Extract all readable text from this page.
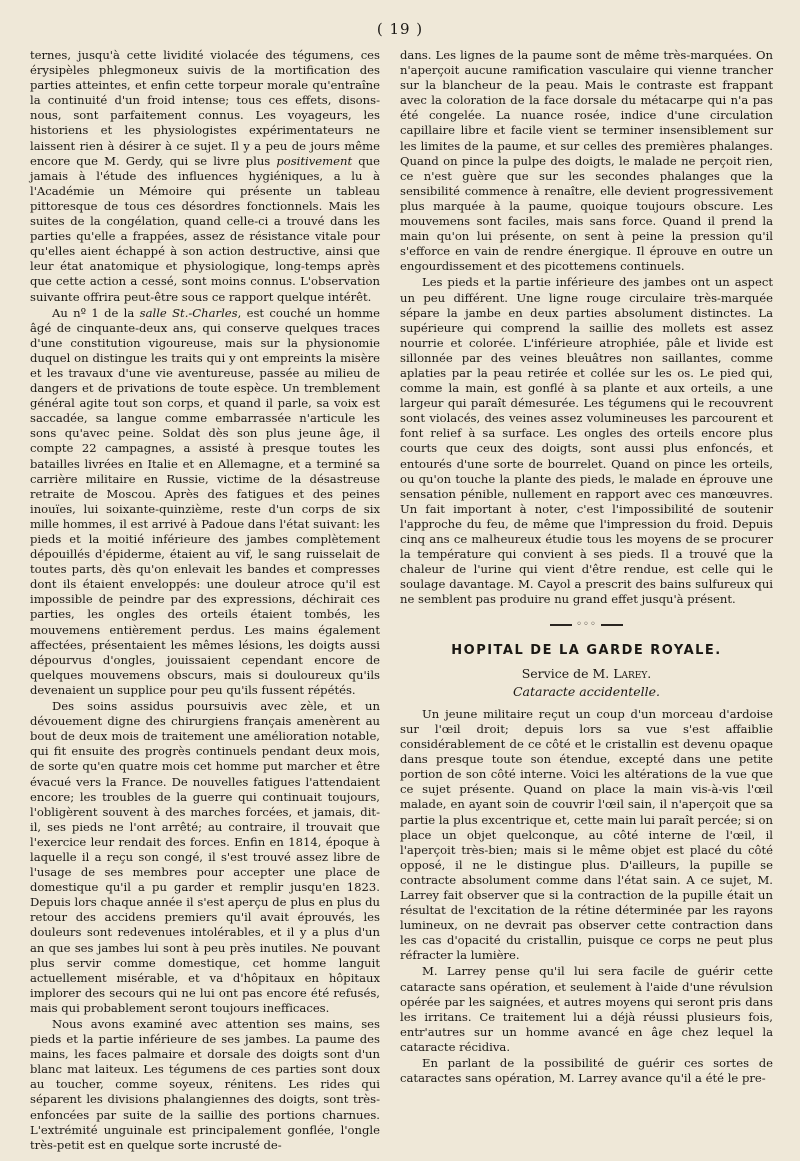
( 19 )

ternes, jusqu'à cette lividité violacée des tégumens, ces érysipèles phlegmoneux suivis de la mortification des parties atteintes, et enfin cette torpeur morale qu'entraîne la continuité d'un froid intense; tous ces effets, disons-nous, sont parfaitement connus. Les voyageurs, les historiens et les physiologistes expérimentateurs ne laissent rien à désirer à ce sujet. Il y a peu de jours même encore que M. Gerdy, qui se livre plus positivement que jamais à l'étude des influences hygiéniques, a lu à l'Académie un Mémoire qui présente un tableau pittoresque de tous ces désordres fonctionnels. Mais les suites de la congélation, quand celle-ci a trouvé dans les parties qu'elle a frappées, assez de résistance vitale pour qu'elles aient échappé à son action destructive, ainsi que leur état anatomique et physiologique, long-temps après que cette action a cessé, sont moins connus. L'observation suivante offrira peut-être sous ce rapport quelque intérêt.

Au nº 1 de la salle St.-Charles, est couché un homme âgé de cinquante-deux ans, qui conserve quelques traces d'une constitution vigoureuse, mais sur la physionomie duquel on distingue les traits qui y ont empreints la misère et les travaux d'une vie aventureuse, passée au milieu de dangers et de privations de toute espèce. Un tremblement général agite tout son corps, et quand il parle, sa voix est saccadée, sa langue comme embarrassée n'articule les sons qu'avec peine. Soldat dès son plus jeune âge, il compte 22 campagnes, a assisté à presque toutes les batailles livrées en Italie et en Allemagne, et a terminé sa carrière militaire en Russie, victime de la désastreuse retraite de Moscou. Après des fatigues et des peines inouïes, lui soixante-quinzième, reste d'un corps de six mille hommes, il est arrivé à Padoue dans l'état suivant: les pieds et la moitié inférieure des jambes complètement dépouillés d'épiderme, étaient au vif, le sang ruisselait de toutes parts, dès qu'on enlevait les bandes et compresses dont ils étaient enveloppés: une douleur atroce qu'il est impossible de peindre par des expressions, déchirait ces parties, les ongles des orteils étaient tombés, les mouvemens entièrement perdus. Les mains également affectées, présentaient les mêmes lésions, les doigts aussi dépourvus d'ongles, jouissaient cependant encore de quelques mouvemens obscurs, mais si douloureux qu'ils devenaient un supplice pour peu qu'ils fussent répétés.

Des soins assidus poursuivis avec zèle, et un dévouement digne des chirurgiens français amenèrent au bout de deux mois de traitement une amélioration notable, qui fit ensuite des progrès continuels pendant deux mois, de sorte qu'en quatre mois cet homme put marcher et être évacué vers la France. De nouvelles fatigues l'attendaient encore; les troubles de la guerre qui continuait toujours, l'obligèrent souvent à des marches forcées, et jamais, dit-il, ses pieds ne l'ont arrêté; au contraire, il trouvait que l'exercice leur rendait des forces. Enfin en 1814, époque à laquelle il a reçu son congé, il s'est trouvé assez libre de l'usage de ses membres pour accepter une place de domestique qu'il a pu garder et remplir jusqu'en 1823. Depuis lors chaque année il s'est aperçu de plus en plus du retour des accidens premiers qu'il avait éprouvés, les douleurs sont redevenues intolérables, et il y a plus d'un an que ses jambes lui sont à peu près inutiles. Ne pouvant plus servir comme domestique, cet homme languit actuellement misérable, et va d'hôpitaux en hôpitaux implorer des secours qui ne lui ont pas encore été refusés, mais qui probablement seront toujours inefficaces.

Nous avons examiné avec attention ses mains, ses pieds et la partie inférieure de ses jambes. La paume des mains, les faces palmaire et dorsale des doigts sont d'un blanc mat laiteux. Les tégumens de ces parties sont doux au toucher, comme soyeux, rénitens. Les rides qui séparent les divisions phalangiennes des doigts, sont très-enfoncées par suite de la saillie des portions charnues. L'extrémité unguinale est principalement gonflée, l'ongle très-petit est en quelque sorte incrusté de-

dans. Les lignes de la paume sont de même très-marquées. On n'aperçoit aucune ramification vasculaire qui vienne trancher sur la blancheur de la peau. Mais le contraste est frappant avec la coloration de la face dorsale du métacarpe qui n'a pas été congelée. La nuance rosée, indice d'une circulation capillaire libre et facile vient se terminer insensiblement sur les limites de la paume, et sur celles des premières phalanges. Quand on pince la pulpe des doigts, le malade ne perçoit rien, ce n'est guère que sur les secondes phalanges que la sensibilité commence à renaître, elle devient progressivement plus marquée à la paume, quoique toujours obscure. Les mouvemens sont faciles, mais sans force. Quand il prend la main qu'on lui présente, on sent à peine la pression qu'il s'efforce en vain de rendre énergique. Il éprouve en outre un engourdissement et des picottemens continuels.

Les pieds et la partie inférieure des jambes ont un aspect un peu différent. Une ligne rouge circulaire très-marquée sépare la jambe en deux parties absolument distinctes. La supérieure qui comprend la saillie des mollets est assez nourrie et colorée. L'inférieure atrophiée, pâle et livide est sillonnée par des veines bleuâtres non saillantes, comme aplaties par la peau retirée et collée sur les os. Le pied qui, comme la main, est gonflé à sa plante et aux orteils, a une largeur qui paraît démesurée. Les tégumens qui le recouvrent sont violacés, des veines assez volumineuses les parcourent et font relief à sa surface. Les ongles des orteils encore plus courts que ceux des doigts, sont aussi plus enfoncés, et entourés d'une sorte de bourrelet. Quand on pince les orteils, ou qu'on touche la plante des pieds, le malade en éprouve une sensation pénible, nullement en rapport avec ces manœuvres. Un fait important à noter, c'est l'impossibilité de soutenir l'approche du feu, de même que l'impression du froid. Depuis cinq ans ce malheureux étudie tous les moyens de se procurer la température qui convient à ses pieds. Il a trouvé que la chaleur de l'urine qui vient d'être rendue, est celle qui le soulage davantage. M. Cayol a prescrit des bains sulfureux qui ne semblent pas produire nu grand effet jusqu'à présent.

◦◦◦
HOPITAL DE LA GARDE ROYALE.
Service de M. Larey.
Cataracte accidentelle.

Un jeune militaire reçut un coup d'un morceau d'ardoise sur l'œil droit; depuis lors sa vue s'est affaiblie considérablement de ce côté et le cristallin est devenu opaque dans presque toute son étendue, excepté dans une petite portion de son côté interne. Voici les altérations de la vue que ce sujet présente. Quand on place la main vis-à-vis l'œil malade, en ayant soin de couvrir l'œil sain, il n'aperçoit que sa partie la plus excentrique et, cette main lui paraît percée; si on place un objet quelconque, au côté interne de l'œil, il l'aperçoit très-bien; mais si le même objet est placé du côté opposé, il ne le distingue plus. D'ailleurs, la pupille se contracte absolument comme dans l'état sain. A ce sujet, M. Larrey fait observer que si la contraction de la pupille était un résultat de l'excitation de la rétine déterminée par les rayons lumineux, on ne devrait pas observer cette contraction dans les cas d'opacité du cristallin, puisque ce corps ne peut plus réfracter la lumière.

M. Larrey pense qu'il lui sera facile de guérir cette cataracte sans opération, et seulement à l'aide d'une révulsion opérée par les saignées, et autres moyens qui seront pris dans les irritans. Ce traitement lui a déjà réussi plusieurs fois, entr'autres sur un homme avancé en âge chez lequel la cataracte récidiva.

En parlant de la possibilité de guérir ces sortes de cataractes sans opération, M. Larrey avance qu'il a été le pre-
